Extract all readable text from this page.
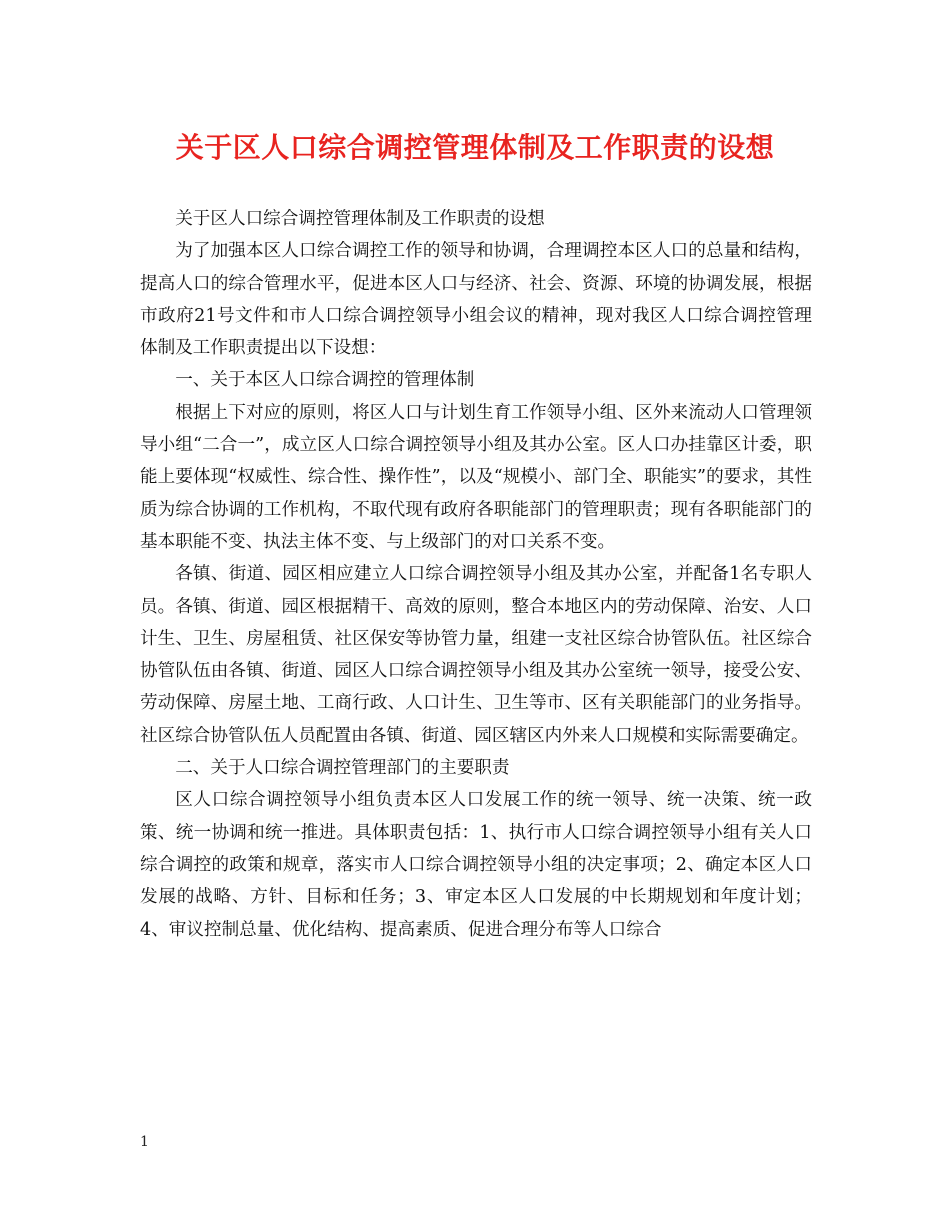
关于区人口综合调控管理体制及工作职责的设想

关于区人口综合调控管理体制及工作职责的设想

为了加强本区人口综合调控工作的领导和协调，合理调控本区人口的总量和结构，提高人口的综合管理水平，促进本区人口与经济、社会、资源、环境的协调发展，根据市政府21号文件和市人口综合调控领导小组会议的精神，现对我区人口综合调控管理体制及工作职责提出以下设想：

一、关于本区人口综合调控的管理体制

根据上下对应的原则，将区人口与计划生育工作领导小组、区外来流动人口管理领导小组“二合一”，成立区人口综合调控领导小组及其办公室。区人口办挂靠区计委，职能上要体现“权威性、综合性、操作性”，以及“规模小、部门全、职能实”的要求，其性质为综合协调的工作机构，不取代现有政府各职能部门的管理职责；现有各职能部门的基本职能不变、执法主体不变、与上级部门的对口关系不变。

各镇、街道、园区相应建立人口综合调控领导小组及其办公室，并配备1名专职人员。各镇、街道、园区根据精干、高效的原则，整合本地区内的劳动保障、治安、人口计生、卫生、房屋租赁、社区保安等协管力量，组建一支社区综合协管队伍。社区综合协管队伍由各镇、街道、园区人口综合调控领导小组及其办公室统一领导，接受公安、劳动保障、房屋土地、工商行政、人口计生、卫生等市、区有关职能部门的业务指导。社区综合协管队伍人员配置由各镇、街道、园区辖区内外来人口规模和实际需要确定。

二、关于人口综合调控管理部门的主要职责

区人口综合调控领导小组负责本区人口发展工作的统一领导、统一决策、统一政策、统一协调和统一推进。具体职责包括：1、执行市人口综合调控领导小组有关人口综合调控的政策和规章，落实市人口综合调控领导小组的决定事项；2、确定本区人口发展的战略、方针、目标和任务；3、审定本区人口发展的中长期规划和年度计划；4、审议控制总量、优化结构、提高素质、促进合理分布等人口综合

1
